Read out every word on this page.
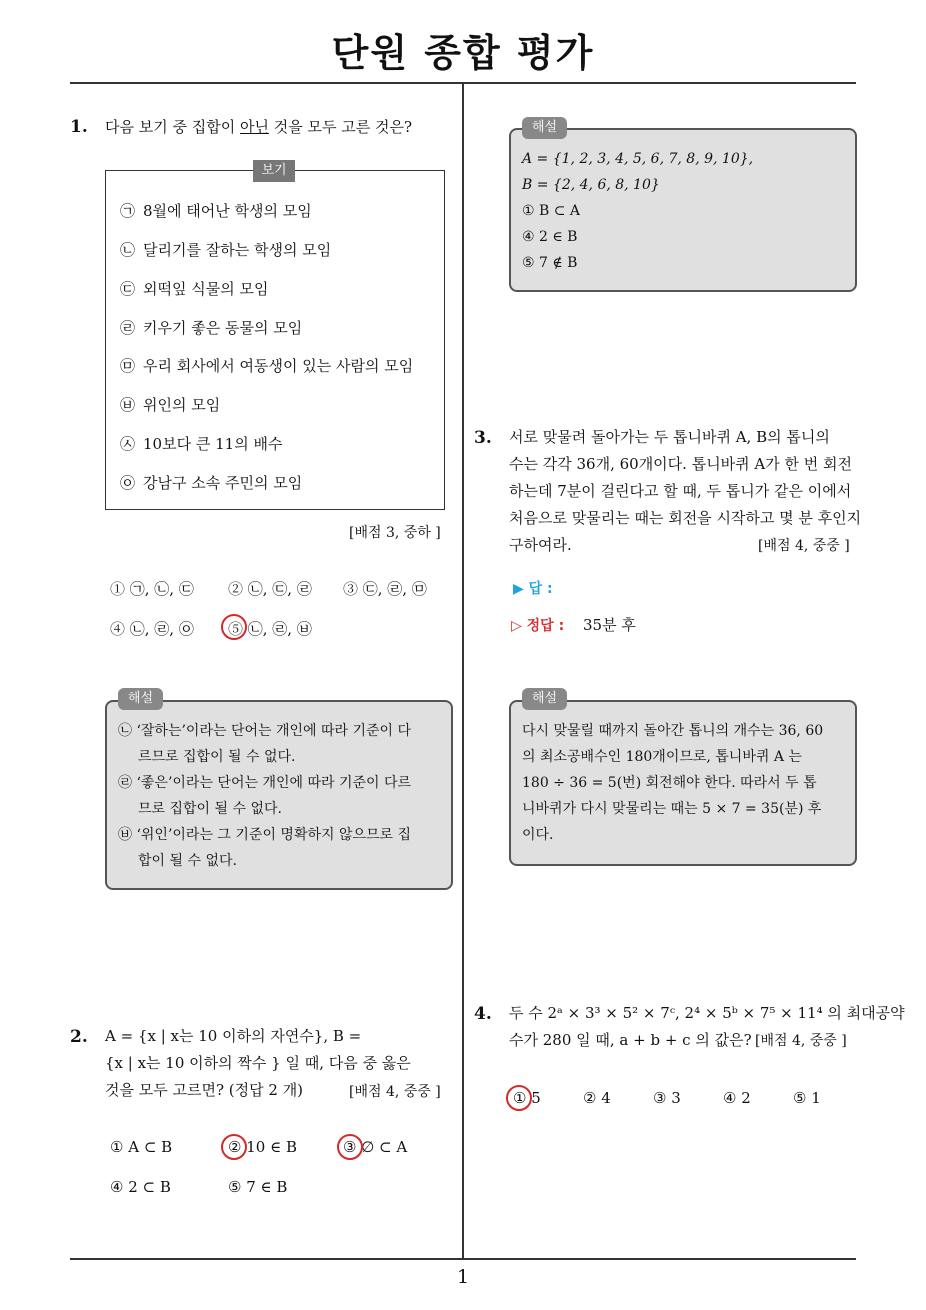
단원 종합 평가
1
1. 다음 보기 중 집합이 아닌 것을 모두 고른 것은?
보기
㉠ 8월에 태어난 학생의 모임
㉡ 달리기를 잘하는 학생의 모임
㉢ 외떡잎 식물의 모임
㉣ 키우기 좋은 동물의 모임
㉤ 우리 회사에서 여동생이 있는 사람의 모임
㉥ 위인의 모임
㉦ 10보다 큰 11의 배수
㉧ 강남구 소속 주민의 모임
[배점 3, 중하 ]
① ㉠, ㉡, ㉢ ② ㉡, ㉢, ㉣ ③ ㉢, ㉣, ㉤
④ ㉡, ㉣, ㉧ ⑤ ㉡, ㉣, ㉥
해설
㉡ ‘잘하는’이라는 단어는 개인에 따라 기준이 다
르므로 집합이 될 수 없다.
㉣ ‘좋은’이라는 단어는 개인에 따라 기준이 다르
므로 집합이 될 수 없다.
㉥ ‘위인’이라는 그 기준이 명확하지 않으므로 집
합이 될 수 없다.
2. A = {x | x는 10 이하의 자연수}, B =
{x | x는 10 이하의 짝수 } 일 때, 다음 중 옳은
것을 모두 고르면? (정답 2 개)	[배점 4, 중중 ]
① A ⊂ B	② 10 ∈ B	③ ∅ ⊂ A
④ 2 ⊂ B	⑤ 7 ∈ B
해설
A = {1, 2, 3, 4, 5, 6, 7, 8, 9, 10},
B = {2, 4, 6, 8, 10}
① B ⊂ A
④ 2 ∈ B
⑤ 7 ∉ B
3. 서로 맞물려 돌아가는 두 톱니바퀴 A, B의 톱니의
수는 각각 36개, 60개이다. 톱니바퀴 A가 한 번 회전
하는데 7분이 걸린다고 할 때, 두 톱니가 같은 이에서
처음으로 맞물리는 때는 회전을 시작하고 몇 분 후인지
구하여라.	[배점 4, 중중 ]
▶ 답 :
▷ 정답 : 35분 후
해설
다시 맞물릴 때까지 돌아간 톱니의 개수는 36, 60
의 최소공배수인 180개이므로, 톱니바퀴 A 는
180 ÷ 36 = 5(번) 회전해야 한다. 따라서 두 톱
니바퀴가 다시 맞물리는 때는 5 × 7 = 35(분) 후
이다.
4. 두 수 2ᵃ × 3³ × 5² × 7ᶜ, 2⁴ × 5ᵇ × 7⁵ × 11⁴ 의 최대공약
수가 280 일 때, a + b + c 의 값은? [배점 4, 중중 ]
① 5	② 4	③ 3	④ 2	⑤ 1
